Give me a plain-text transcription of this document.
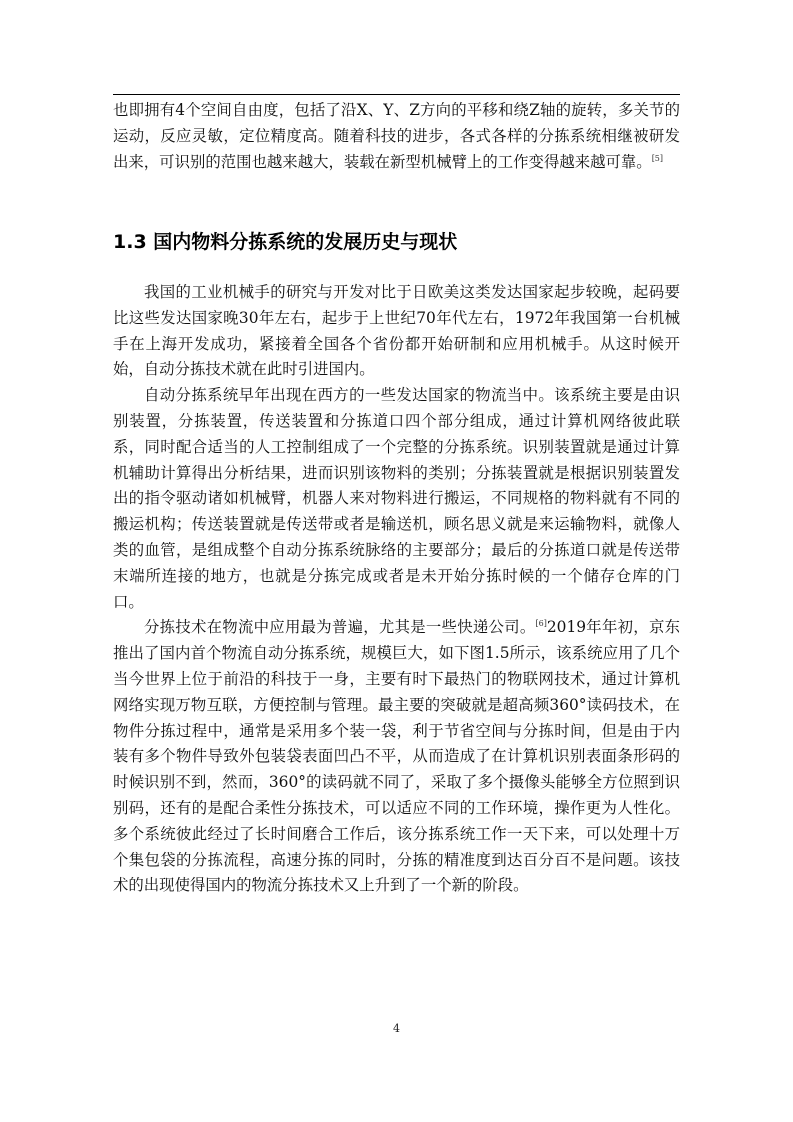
也即拥有4个空间自由度，包括了沿X、Y、Z方向的平移和绕Z轴的旋转，多关节的运动，反应灵敏，定位精度高。随着科技的进步，各式各样的分拣系统相继被研发出来，可识别的范围也越来越大，装载在新型机械臂上的工作变得越来越可靠。[5]

1.3 国内物料分拣系统的发展历史与现状

我国的工业机械手的研究与开发对比于日欧美这类发达国家起步较晚，起码要比这些发达国家晚30年左右，起步于上世纪70年代左右，1972年我国第一台机械手在上海开发成功，紧接着全国各个省份都开始研制和应用机械手。从这时候开始，自动分拣技术就在此时引进国内。

自动分拣系统早年出现在西方的一些发达国家的物流当中。该系统主要是由识别装置，分拣装置，传送装置和分拣道口四个部分组成，通过计算机网络彼此联系，同时配合适当的人工控制组成了一个完整的分拣系统。识别装置就是通过计算机辅助计算得出分析结果，进而识别该物料的类别；分拣装置就是根据识别装置发出的指令驱动诸如机械臂，机器人来对物料进行搬运，不同规格的物料就有不同的搬运机构；传送装置就是传送带或者是输送机，顾名思义就是来运输物料，就像人类的血管，是组成整个自动分拣系统脉络的主要部分；最后的分拣道口就是传送带末端所连接的地方，也就是分拣完成或者是未开始分拣时候的一个储存仓库的门口。

分拣技术在物流中应用最为普遍，尤其是一些快递公司。[6]2019年年初，京东推出了国内首个物流自动分拣系统，规模巨大，如下图1.5所示，该系统应用了几个当今世界上位于前沿的科技于一身，主要有时下最热门的物联网技术，通过计算机网络实现万物互联，方便控制与管理。最主要的突破就是超高频360°读码技术，在物件分拣过程中，通常是采用多个装一袋，利于节省空间与分拣时间，但是由于内装有多个物件导致外包装袋表面凹凸不平，从而造成了在计算机识别表面条形码的时候识别不到，然而，360°的读码就不同了，采取了多个摄像头能够全方位照到识别码，还有的是配合柔性分拣技术，可以适应不同的工作环境，操作更为人性化。多个系统彼此经过了长时间磨合工作后，该分拣系统工作一天下来，可以处理十万个集包袋的分拣流程，高速分拣的同时，分拣的精准度到达百分百不是问题。该技术的出现使得国内的物流分拣技术又上升到了一个新的阶段。

4
